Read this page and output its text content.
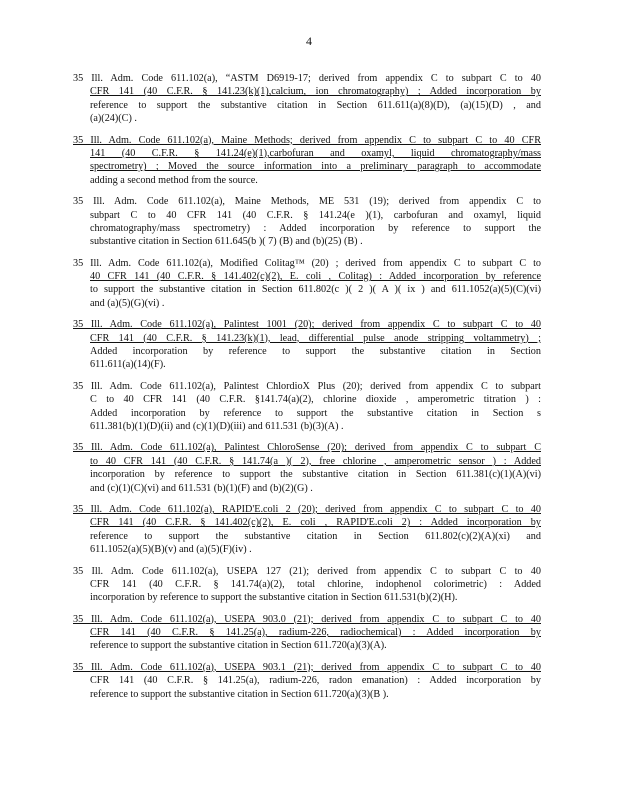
4
35 Ill. Adm. Code 611.102(a), “ASTM D6919-17; derived from appendix C to subpart C to 40
CFR 141 (40 C.F.R. § 141.23(k)(1),calcium, ion chromatography) ; Added incorporation by
reference to support the substantive citation in Section 611.611(a)(8)(D), (a)(15)(D) , and
(a)(24)(C) .
35 Ill. Adm. Code 611.102(a), Maine Methods; derived from appendix C to subpart C to 40 CFR
141 (40 C.F.R. § 141.24(e)(1),carbofuran and oxamyl, liquid chromatography/mass
spectrometry) ; Moved the source information into a preliminary paragraph to accommodate
adding a second method from the source.
35 Ill. Adm. Code 611.102(a), Maine Methods, ME 531 (19); derived from appendix C to
subpart C to 40 CFR 141 (40 C.F.R. § 141.24(e )(1), carbofuran and oxamyl, liquid
chromatography/mass spectrometry) : Added incorporation by reference to support the
substantive citation in Section 611.645(b )( 7) (B) and (b)(25) (B) .
35 Ill. Adm. Code 611.102(a), Modified Colitag™ (20) ; derived from appendix C to subpart C to
40 CFR 141 (40 C.F.R. § 141.402(c)(2), E. coli , Colitag) : Added incorporation by reference
to support the substantive citation in Section 611.802(c )( 2 )( A )( ix ) and 611.1052(a)(5)(C)(vi)
and (a)(5)(G)(vi) .
35 Ill. Adm. Code 611.102(a), Palintest 1001 (20); derived from appendix C to subpart C to 40
CFR 141 (40 C.F.R. § 141.23(k)(1), lead, differential pulse anode stripping voltammetry) ;
Added incorporation by reference to support the substantive citation in Section
611.611(a)(14)(F).
35 Ill. Adm. Code 611.102(a), Palintest ChlordioX Plus (20); derived from appendix C to subpart
C to 40 CFR 141 (40 C.F.R. §141.74(a)(2), chlorine dioxide , amperometric titration ) :
Added incorporation by reference to support the substantive citation in Section s
611.381(b)(1)(D)(ii) and (c)(1)(D)(iii) and 611.531 (b)(3)(A) .
35 Ill. Adm. Code 611.102(a), Palintest ChloroSense (20); derived from appendix C to subpart C
to 40 CFR 141 (40 C.F.R. § 141.74(a )( 2), free chlorine , amperometric sensor ) : Added
incorporation by reference to support the substantive citation in Section 611.381(c)(1)(A)(vi)
and (c)(1)(C)(vi) and 611.531 (b)(1)(F) and (b)(2)(G) .
35 Ill. Adm. Code 611.102(a), RAPID'E.coli 2 (20); derived from appendix C to subpart C to 40
CFR 141 (40 C.F.R. § 141.402(c)(2), E. coli , RAPID'E.coli 2) : Added incorporation by
reference to support the substantive citation in Section 611.802(c)(2)(A)(xi) and
611.1052(a)(5)(B)(v) and (a)(5)(F)(iv) .
35 Ill. Adm. Code 611.102(a), USEPA 127 (21); derived from appendix C to subpart C to 40
CFR 141 (40 C.F.R. § 141.74(a)(2), total chlorine, indophenol colorimetric) : Added
incorporation by reference to support the substantive citation in Section 611.531(b)(2)(H).
35 Ill. Adm. Code 611.102(a), USEPA 903.0 (21); derived from appendix C to subpart C to 40
CFR 141 (40 C.F.R. § 141.25(a), radium-226, radiochemical) : Added incorporation by
reference to support the substantive citation in Section 611.720(a)(3)(A).
35 Ill. Adm. Code 611.102(a), USEPA 903.1 (21); derived from appendix C to subpart C to 40
CFR 141 (40 C.F.R. § 141.25(a), radium-226, radon emanation) : Added incorporation by
reference to support the substantive citation in Section 611.720(a)(3)(B ).
